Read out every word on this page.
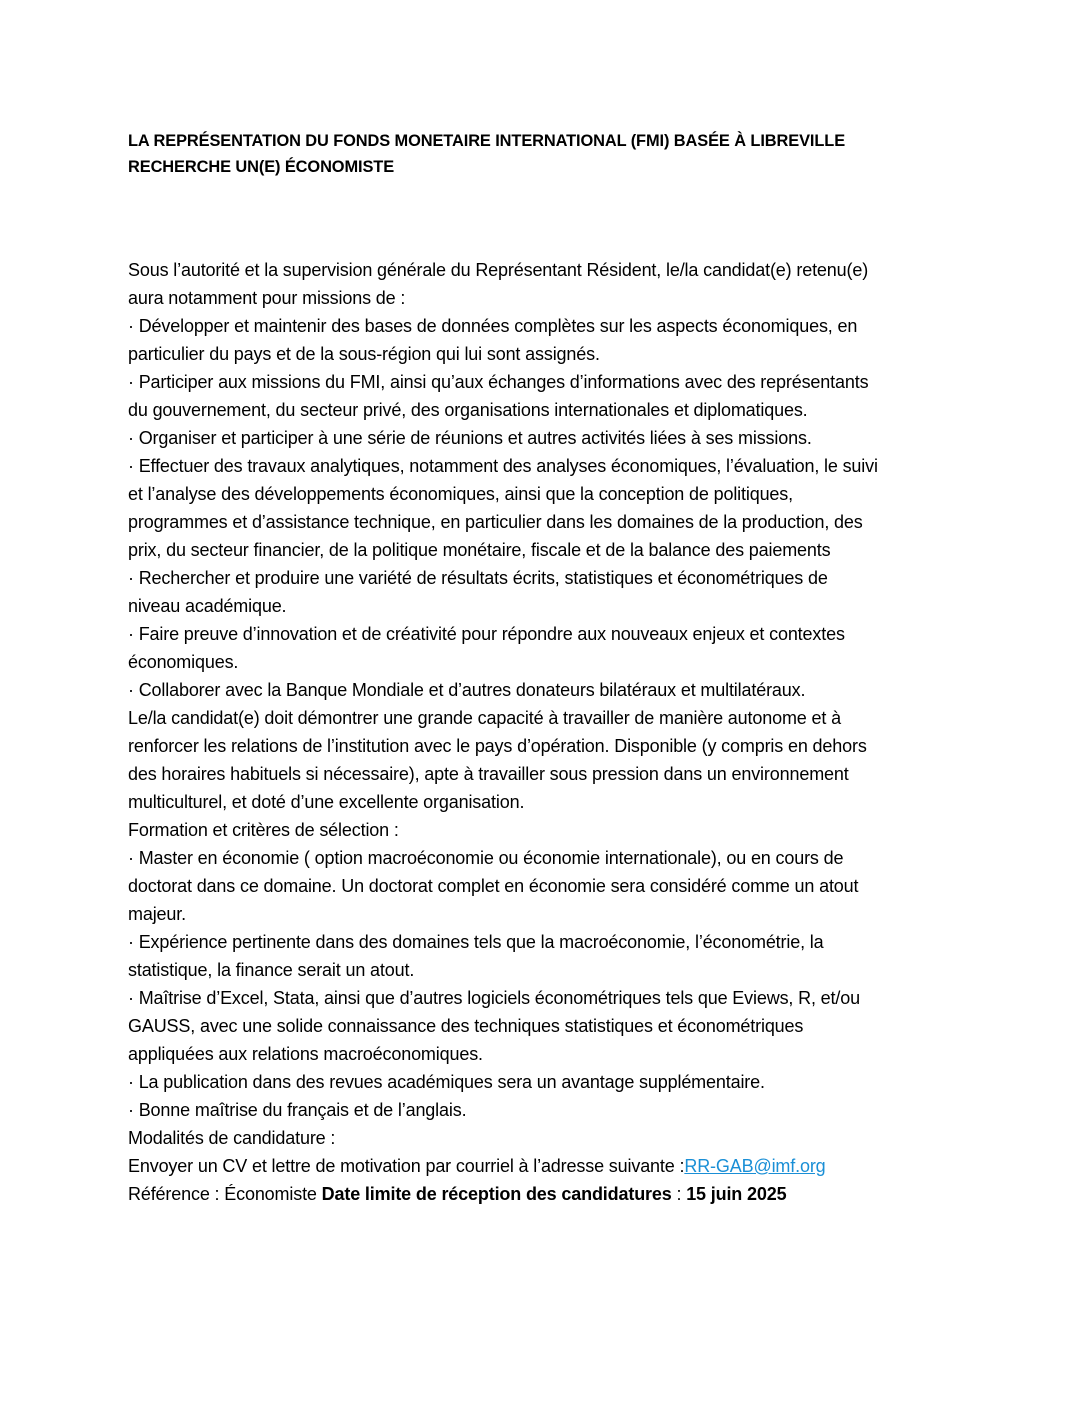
LA REPRÉSENTATION DU FONDS MONETAIRE INTERNATIONAL (FMI) BASÉE À LIBREVILLE
RECHERCHE UN(E) ÉCONOMISTE
Sous l’autorité et la supervision générale du Représentant Résident, le/la candidat(e) retenu(e)
aura notamment pour missions de :
· Développer et maintenir des bases de données complètes sur les aspects économiques, en
particulier du pays et de la sous-région qui lui sont assignés.
· Participer aux missions du FMI, ainsi qu’aux échanges d’informations avec des représentants
du gouvernement, du secteur privé, des organisations internationales et diplomatiques.
· Organiser et participer à une série de réunions et autres activités liées à ses missions.
· Effectuer des travaux analytiques, notamment des analyses économiques, l’évaluation, le suivi
et l’analyse des développements économiques, ainsi que la conception de politiques,
programmes et d’assistance technique, en particulier dans les domaines de la production, des
prix, du secteur financier, de la politique monétaire, fiscale et de la balance des paiements
· Rechercher et produire une variété de résultats écrits, statistiques et économétriques de
niveau académique.
· Faire preuve d’innovation et de créativité pour répondre aux nouveaux enjeux et contextes
économiques.
· Collaborer avec la Banque Mondiale et d’autres donateurs bilatéraux et multilatéraux.
Le/la candidat(e) doit démontrer une grande capacité à travailler de manière autonome et à
renforcer les relations de l’institution avec le pays d’opération. Disponible (y compris en dehors
des horaires habituels si nécessaire), apte à travailler sous pression dans un environnement
multiculturel, et doté d’une excellente organisation.
Formation et critères de sélection :
· Master en économie ( option macroéconomie ou économie internationale), ou en cours de
doctorat dans ce domaine. Un doctorat complet en économie sera considéré comme un atout
majeur.
· Expérience pertinente dans des domaines tels que la macroéconomie, l’économétrie, la
statistique, la finance serait un atout.
· Maîtrise d’Excel, Stata, ainsi que d’autres logiciels économétriques tels que Eviews, R, et/ou
GAUSS, avec une solide connaissance des techniques statistiques et économétriques
appliquées aux relations macroéconomiques.
· La publication dans des revues académiques sera un avantage supplémentaire.
· Bonne maîtrise du français et de l’anglais.
Modalités de candidature :
Envoyer un CV et lettre de motivation par courriel à l’adresse suivante :RR-GAB@imf.org
Référence : Économiste Date limite de réception des candidatures : 15 juin 2025
